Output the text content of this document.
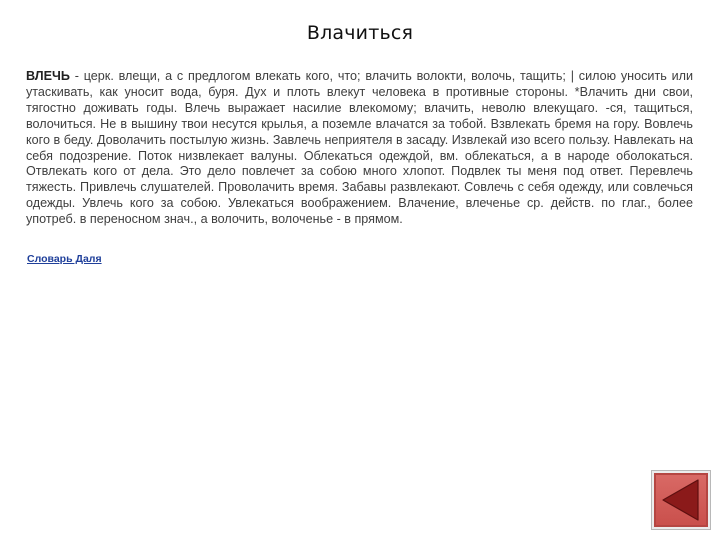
Влачиться
ВЛЕЧЬ - церк. влещи, а с предлогом влекать кого, что; влачить волокти, волочь, тащить; | силою уносить или утаскивать, как уносит вода, буря. Дух и плоть влекут человека в противные стороны. *Влачить дни свои, тягостно доживать годы. Влечь выражает насилие влекомому; влачить, неволю влекущаго. -ся, тащиться, волочиться. Не в вышину твои несутся крылья, а поземле влачатся за тобой. Взвлекать бремя на гору. Вовлечь кого в беду. Доволачить постылую жизнь. Завлечь неприятеля в засаду. Извлекай изо всего пользу. Навлекать на себя подозрение. Поток низвлекает валуны. Облекаться одеждой, вм. облекаться, а в народе оболокаться. Отвлекать кого от дела. Это дело повлечет за собою много хлопот. Подвлек ты меня под ответ. Перевлечь тяжесть. Привлечь слушателей. Проволачить время. Забавы развлекают. Совлечь с себя одежду, или совлечься одежды. Увлечь кого за собою. Увлекаться воображением. Влачение, влеченье ср. действ. по глаг., более употреб. в переносном знач., а волочить, волоченье - в прямом.
Словарь Даля
